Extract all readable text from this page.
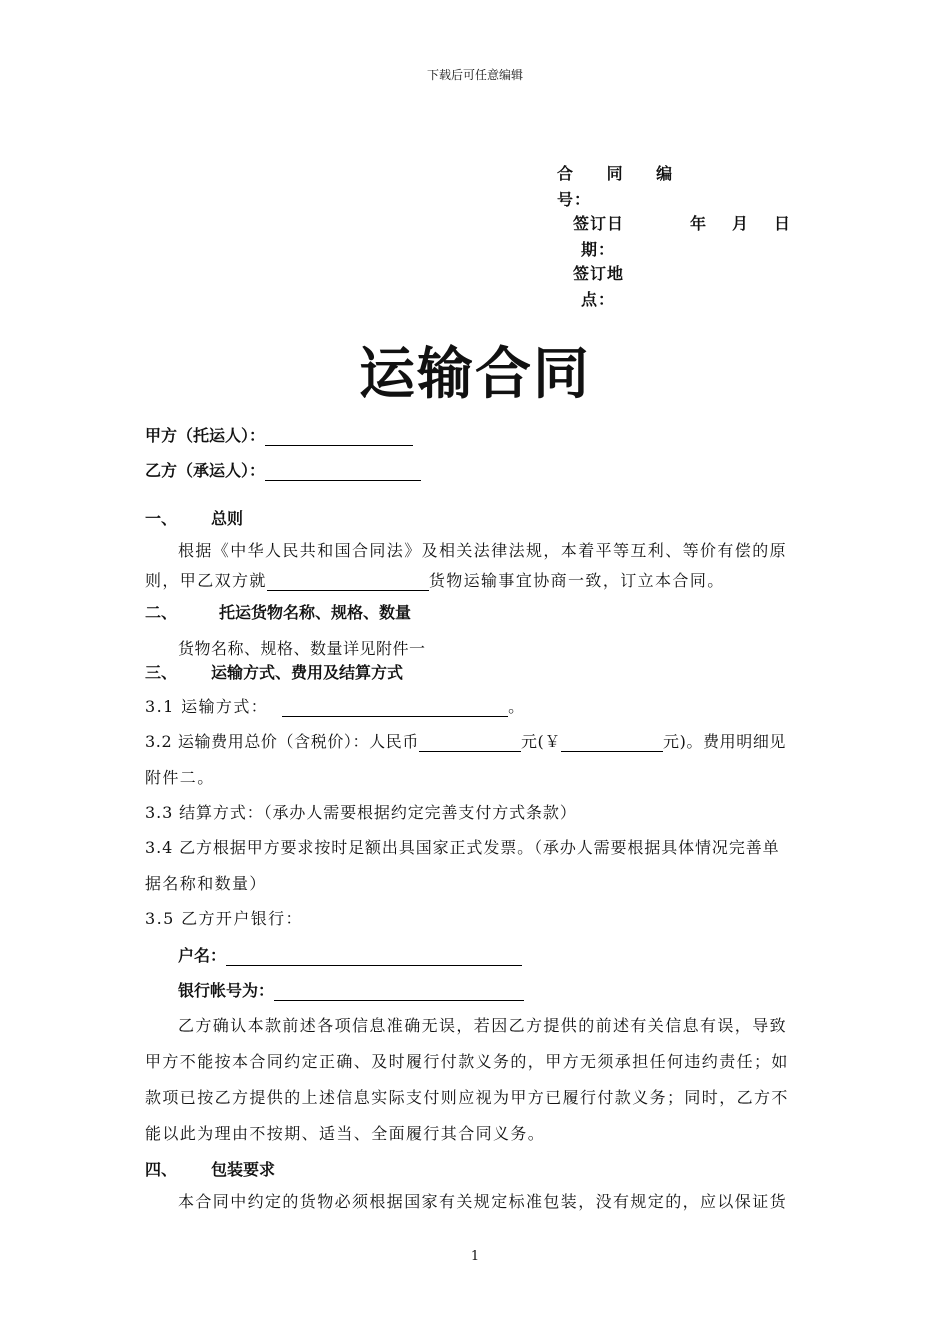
下载后可任意编辑
合 同 编
号：
签订日	年 月 日
期：
签订地
点：
运输合同
甲方（托运人）：
乙方（承运人）：
一、 总则
根据《中华人民共和国合同法》及相关法律法规，本着平等互利、等价有偿的原
则，甲乙双方就	货物运输事宜协商一致，订立本合同。
二、	托运货物名称、规格、数量
货物名称、规格、数量详见附件一
三、 运输方式、费用及结算方式
3.1 运输方式：	。
3.2 运输费用总价（含税价）：人民币	元(￥	元)。费用明细见
附件二。
3.3 结算方式：（承办人需要根据约定完善支付方式条款）
3.4 乙方根据甲方要求按时足额出具国家正式发票。（承办人需要根据具体情况完善单
据名称和数量）
3.5 乙方开户银行：
户名：
银行帐号为：
乙方确认本款前述各项信息准确无误，若因乙方提供的前述有关信息有误，导致
甲方不能按本合同约定正确、及时履行付款义务的，甲方无须承担任何违约责任；如
款项已按乙方提供的上述信息实际支付则应视为甲方已履行付款义务；同时，乙方不
能以此为理由不按期、适当、全面履行其合同义务。
四、 包装要求
本合同中约定的货物必须根据国家有关规定标准包装，没有规定的，应以保证货
1
